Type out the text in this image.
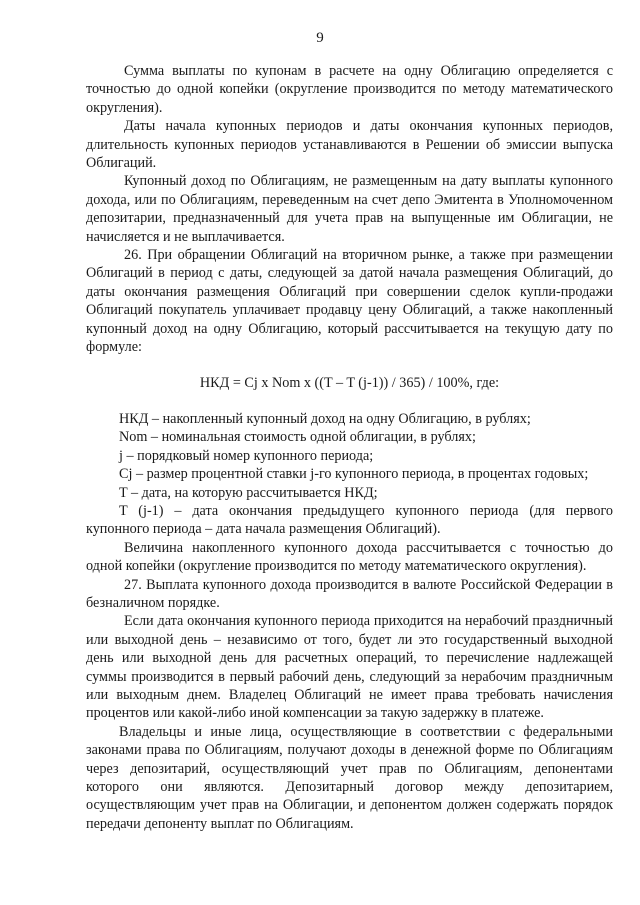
9

Сумма выплаты по купонам в расчете на одну Облигацию определяется с точностью до одной копейки (округление производится по методу математического округления).

Даты начала купонных периодов и даты окончания купонных периодов, длительность купонных периодов устанавливаются в Решении об эмиссии выпуска Облигаций.

Купонный доход по Облигациям, не размещенным на дату выплаты купонного дохода, или по Облигациям, переведенным на счет депо Эмитента в Уполномоченном депозитарии, предназначенный для учета прав на выпущенные им Облигации, не начисляется и не выплачивается.

26. При обращении Облигаций на вторичном рынке, а также при размещении Облигаций в период с даты, следующей за датой начала размещения Облигаций, до даты окончания размещения Облигаций при совершении сделок купли-продажи Облигаций покупатель уплачивает продавцу цену Облигаций, а также накопленный купонный доход на одну Облигацию, который рассчитывается на текущую дату по формуле:

НКД = Cj x Nom x ((T – T (j-1)) / 365) / 100%, где:

НКД – накопленный купонный доход на одну Облигацию, в рублях;

Nom – номинальная стоимость одной облигации, в рублях;

j – порядковый номер купонного периода;

Cj – размер процентной ставки j-го купонного периода, в процентах годовых;

T – дата, на которую рассчитывается НКД;

T (j-1) – дата окончания предыдущего купонного периода (для первого купонного периода – дата начала размещения Облигаций).

Величина накопленного купонного дохода рассчитывается с точностью до одной копейки (округление производится по методу математического округления).

27. Выплата купонного дохода производится в валюте Российской Федерации в безналичном порядке.

Если дата окончания купонного периода приходится на нерабочий праздничный или выходной день – независимо от того, будет ли это государственный выходной день или выходной день для расчетных операций, то перечисление надлежащей суммы производится в первый рабочий день, следующий за нерабочим праздничным или выходным днем. Владелец Облигаций не имеет права требовать начисления процентов или какой-либо иной компенсации за такую задержку в платеже.

Владельцы и иные лица, осуществляющие в соответствии с федеральными законами права по Облигациям, получают доходы в денежной форме по Облигациям через депозитарий, осуществляющий учет прав по Облигациям, депонентами которого они являются. Депозитарный договор между депозитарием, осуществляющим учет прав на Облигации, и депонентом должен содержать порядок передачи депоненту выплат по Облигациям.
